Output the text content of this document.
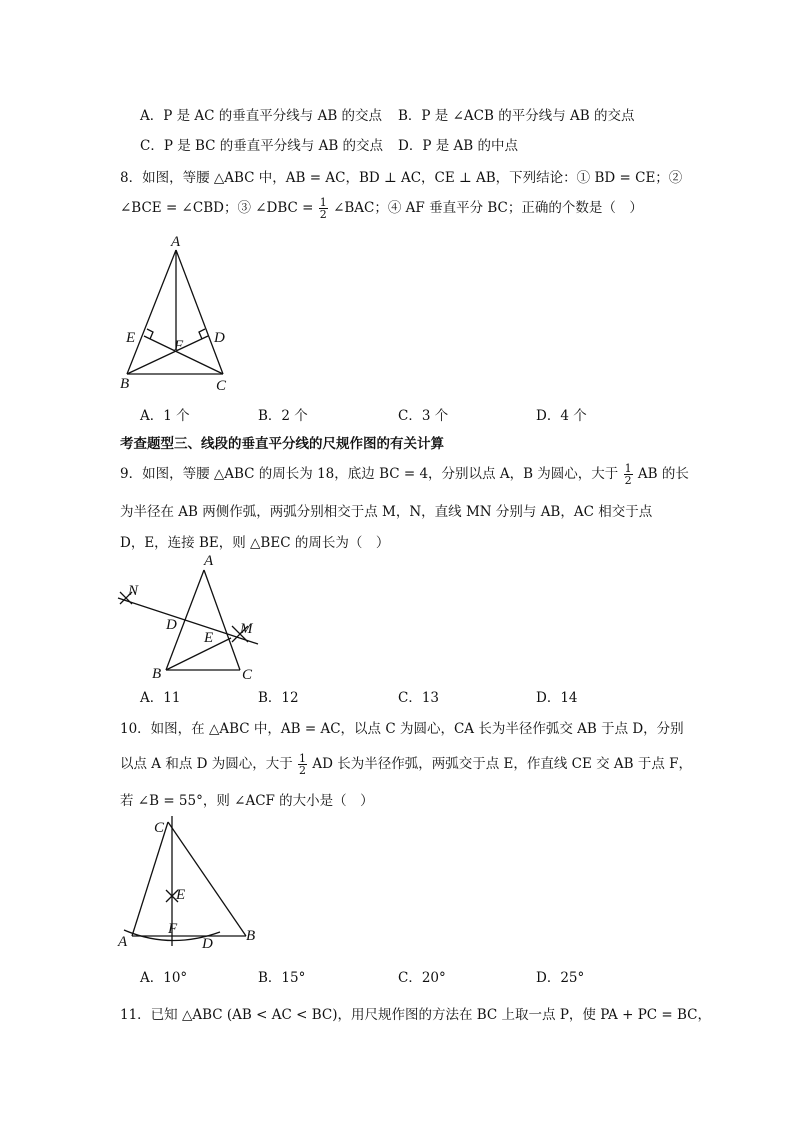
A．P 是 AC 的垂直平分线与 AB 的交点 B．P 是 ∠ACB 的平分线与 AB 的交点
C．P 是 BC 的垂直平分线与 AB 的交点 D．P 是 AB 的中点
8．如图，等腰 △ABC 中，AB = AC，BD ⊥ AC，CE ⊥ AB，下列结论：① BD = CE；②
∠BCE = ∠CBD；③ ∠DBC = $\frac{1}{2}$ ∠BAC；④ AF 垂直平分 BC；正确的个数是（　）
A
E	D
F
B	C
A．1 个	B．2 个	C．3 个	D．4 个
考查题型三、线段的垂直平分线的尺规作图的有关计算
9．如图，等腰 △ABC 的周长为 18，底边 BC = 4，分别以点 A，B 为圆心，大于 $\frac{1}{2}$ AB 的长
为半径在 AB 两侧作弧，两弧分别相交于点 M，N，直线 MN 分别与 AB，AC 相交于点
D，E，连接 BE，则 △BEC 的周长为（　）
A
N
D
E
M
B	C
A．11	B．12	C．13	D．14
10．如图，在 △ABC 中，AB = AC，以点 C 为圆心，CA 长为半径作弧交 AB 于点 D，分别
以点 A 和点 D 为圆心，大于 $\frac{1}{2}$ AD 长为半径作弧，两弧交于点 E，作直线 CE 交 AB 于点 F，
若 ∠B = 55°，则 ∠ACF 的大小是（　）
C
E
F
A	D B
A．10°	B．15°	C．20°	D．25°
11．已知 △ABC (AB < AC < BC)，用尺规作图的方法在 BC 上取一点 P，使 PA + PC = BC，
